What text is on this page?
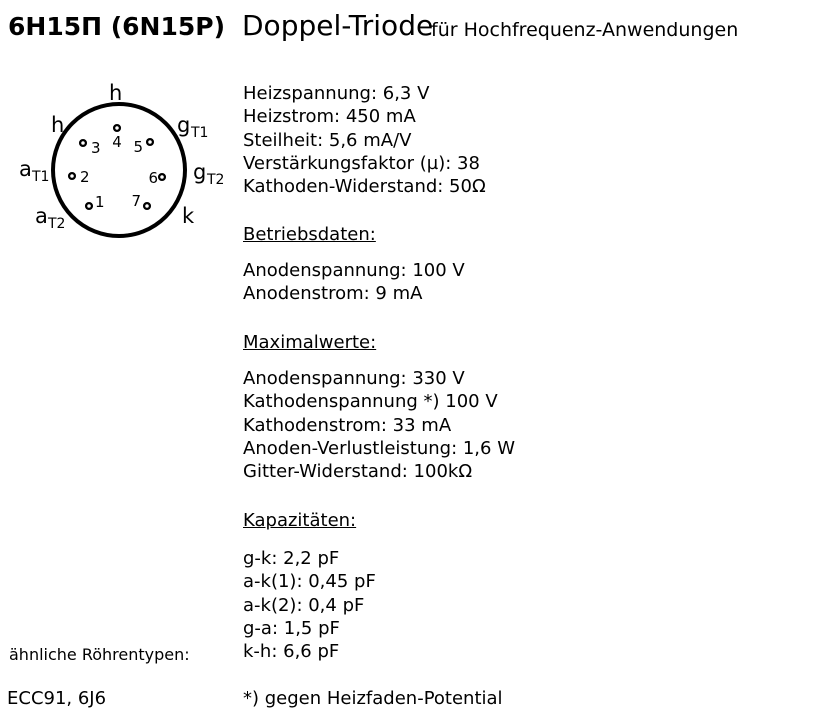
6Н15П (6N15P) Doppel-Triode
für Hochfrequenz-Anwendungen
4
3 5
2	6
1 7
h
h	g T1
a T1	g T2
a T2	k
Heizspannung: 6,3 V
Heizstrom: 450 mA
Steilheit: 5,6 mA/V
Verstärkungsfaktor (µ): 38
Kathoden-Widerstand: 50Ω
Betriebsdaten:
Anodenspannung: 100 V
Anodenstrom: 9 mA
Maximalwerte:
Anodenspannung: 330 V
Kathodenspannung *) 100 V
Kathodenstrom: 33 mA
Anoden-Verlustleistung: 1,6 W
Gitter-Widerstand: 100kΩ
Kapazitäten:
g-k: 2,2 pF
a-k(1): 0,45 pF
a-k(2): 0,4 pF
g-a: 1,5 pF
k-h: 6,6 pF
*) gegen Heizfaden-Potential
ähnliche Röhrentypen:
ECC91, 6J6
